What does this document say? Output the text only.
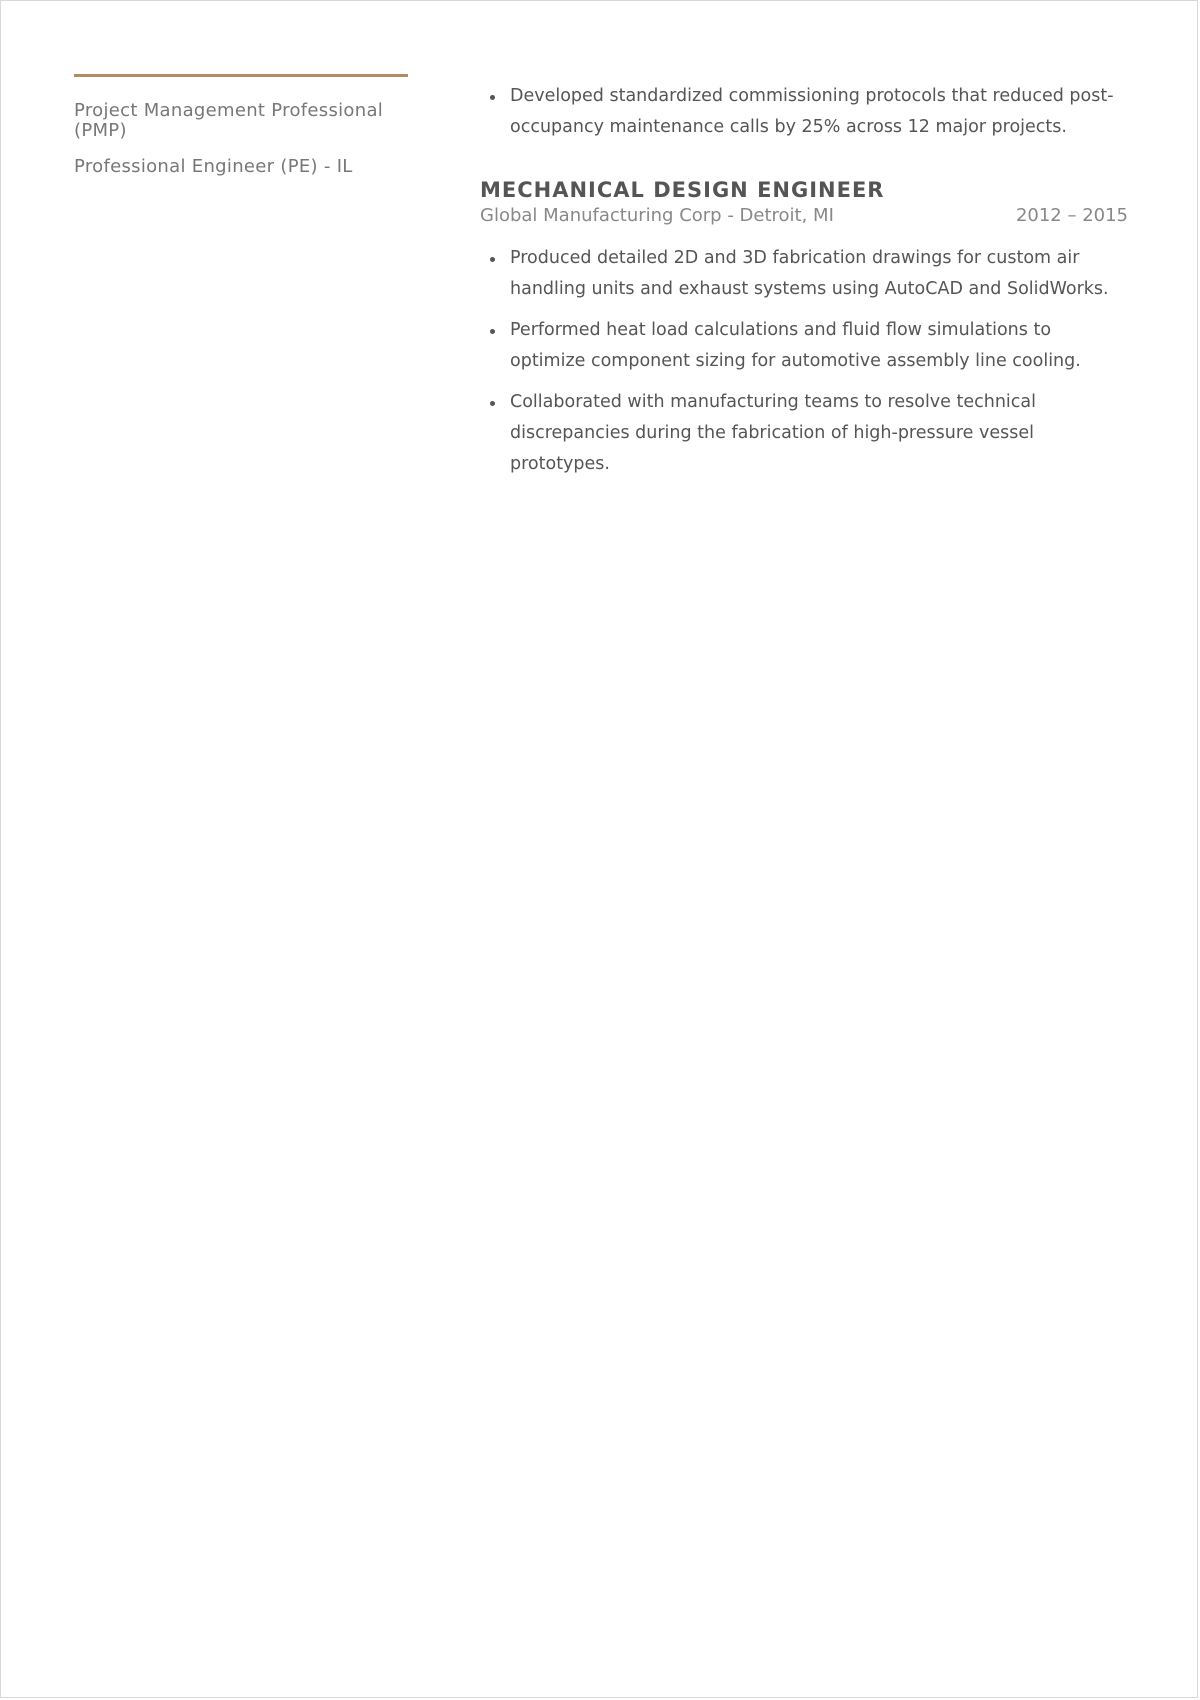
Project Management Professional (PMP)
Professional Engineer (PE) - IL
Developed standardized commissioning protocols that reduced post-occupancy maintenance calls by 25% across 12 major projects.
MECHANICAL DESIGN ENGINEER
Global Manufacturing Corp - Detroit, MI	2012 – 2015
Produced detailed 2D and 3D fabrication drawings for custom air handling units and exhaust systems using AutoCAD and SolidWorks.
Performed heat load calculations and fluid flow simulations to optimize component sizing for automotive assembly line cooling.
Collaborated with manufacturing teams to resolve technical discrepancies during the fabrication of high-pressure vessel prototypes.
